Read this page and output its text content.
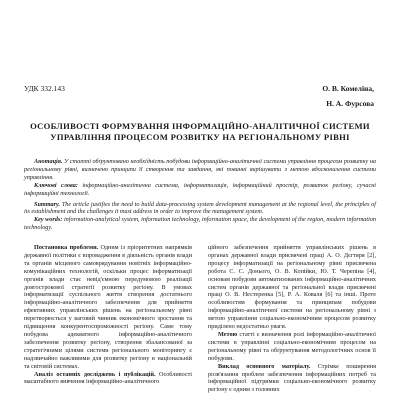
УДК 332.143	О. В. Комеліна,
Н. А. Фурсова
ОСОБЛИВОСТІ ФОРМУВАННЯ ІНФОРМАЦІЙНО-АНАЛІТИЧНОЇ СИСТЕМИ УПРАВЛІННЯ ПРОЦЕСОМ РОЗВИТКУ НА РЕГІОНАЛЬНОМУ РІВНІ

Анотація. У статті обґрунтовано необхідність побудови інформаційно-аналітичної системи управління процесом розвитку на регіональному рівні, визначено принципи її створення та завдання, які повинні вирішувати з метою вдосконалення системи управління.

Ключові слова: інформаційно-аналітична система, інформатизація, інформаційний простір, розвиток регіону, сучасні інформаційні технології.

Summary. The article justifies the need to build data-processing system development management at the regional level, the principles of its establishment and the challenges it must address in order to improve the management system.

Key words: information-analytical system, information technology, information space, the development of the region, modern information technology.

Постановка проблеми. Одним із пріоритетних напрямків державної політики є впровадження в діяльність органів влади та органів місцевого самоврядування новітніх інформаційно-комунікаційних технологій, оскільки процес інформатизації органів влади стає невід'ємною передумовою реалізації довгострокової стратегії розвитку регіону. В умовах інформатизації суспільного життя створення достатнього інформаційно-аналітичного забезпечення для прийняття ефективних управлінських рішень на регіональному рівні перетворюється у ваговий чинник економічного зростання та підвищення конкурентоспроможності регіону. Саме тому побудова адекватного інформаційно-аналітичного забезпечення розвитку регіону, створення збалансованої за стратегічними цілями системи регіонального моніторингу є надзвичайно важливими для розвитку регіону в національній та світовій системах.

Аналіз останніх досліджень і публікацій. Особливості масштабного вивчення інформаційно-аналітичного

ційного забезпечення прийняття управлінських рішень в органах державної влади присвячені праці А. О. Дєгтяря [2], процесу інформатизації на регіональному рівні присвячена робота С. С. Донього, О. В. Копійки, Ю. Т. Черепіна [4], основам побудови автоматизованих інформаційно-аналітичних систем органів державної та регіональної влади присвячені праці О. В. Нестеренка [5], Р. А. Коваля [6] та інші. Проте особливостям формування та принципам побудови інформаційно-аналітичної системи на регіональному рівні з метою управління соціально-економічним процесом розвитку приділено недостатньо уваги.

Метою статті є визначення ролі інформаційно-аналітичної системи в управлінні соціально-економічним процесом на регіональному рівні та обґрунтування методологічних основ її побудови.

Виклад основного матеріалу. Стрімке поширення розв'язання проблем забезпечення інформаційних потреб та інформаційної підтримки соціально-економічного розвитку регіону є одним з головних
